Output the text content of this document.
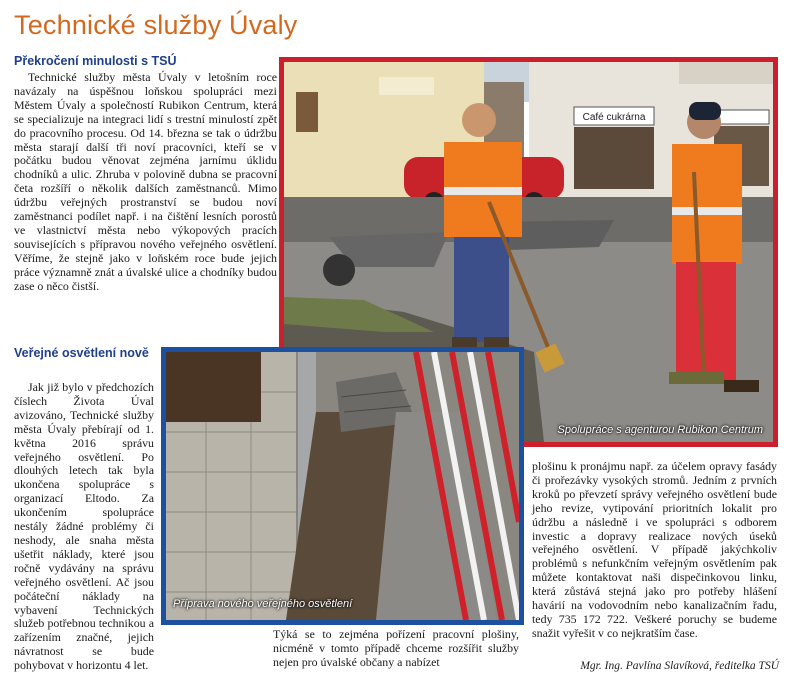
Technické služby Úvaly
Překročení minulosti s TSÚ

Technické služby města Úvaly v letošním roce navázaly na úspěšnou loňskou spolupráci mezi Městem Úvaly a společností Rubikon Centrum, která se specializuje na integraci lidí s trestní minulostí zpět do pracovního procesu. Od 14. března se tak o údržbu města starají další tři noví pracovníci, kteří se v počátku budou věnovat zejména jarnímu úklidu chodníků a ulic. Zhruba v polovině dubna se pracovní četa rozšíří o několik dalších zaměstnanců. Mimo údržbu veřejných prostranství se budou noví zaměstnanci podílet např. i na čištění lesních porostů ve vlastnictví města nebo výkopových pracích souvisejících s přípravou nového veřejného osvětlení. Věříme, že stejně jako v loňském roce bude jejich práce významně znát a úvalské ulice a chodníky budou zase o něco čistší.

Café cukrárna
Spolupráce s agenturou Rubikon Centrum
Veřejné osvětlení nově

Jak již bylo v předchozích číslech Života Úval avizováno, Technické služby města Úvaly přebírají od 1. května 2016 správu veřejného osvětlení. Po dlouhých letech tak byla ukončena spolupráce s organizací Eltodo. Za ukončením spolupráce nestály žádné problémy či neshody, ale snaha města ušetřit náklady, které jsou ročně vydávány na správu veřejného osvětlení. Ač jsou počáteční náklady na vybavení Technických služeb potřebnou technikou a zařízením značné, jejich návratnost se bude pohybovat v horizontu 4 let.

Příprava nového veřejného osvětlení

Týká se to zejména pořízení pracovní plošiny, nicméně v tomto případě chceme rozšířit služby nejen pro úvalské občany a nabízet

plošinu k pronájmu např. za účelem opravy fasády či prořezávky vysokých stromů. Jedním z prvních kroků po převzetí správy veřejného osvětlení bude jeho revize, vytipování prioritních lokalit pro údržbu a následně i ve spolupráci s odborem investic a dopravy realizace nových úseků veřejného osvětlení. V případě jakýchkoliv problémů s nefunkčním veřejným osvětlením pak můžete kontaktovat naši dispečinkovou linku, která zůstává stejná jako pro potřeby hlášení havárií na vodovodním nebo kanalizačním řadu, tedy 735 172 722. Veškeré poruchy se budeme snažit vyřešit v co nejkratším čase.

Mgr. Ing. Pavlína Slavíková, ředitelka TSÚ
